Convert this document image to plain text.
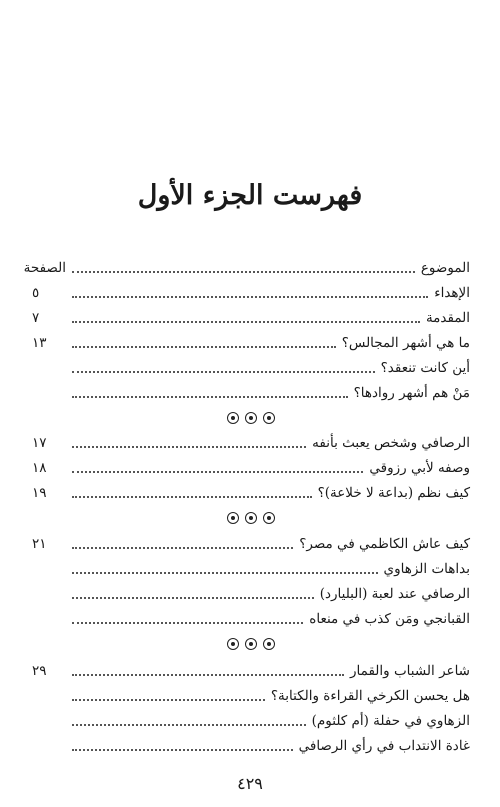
فهرست الجزء الأول
الموضوع
الصفحة
الإهداء
٥
المقدمة
٧
ما هي أشهر المجالس؟
١٣
أين كانت تنعقد؟
مَنْ هم أشهر روادها؟
الرصافي وشخص يعبث بأنفه
١٧
وصفه لأبي رزوقي
١٨
كيف نظم (بداعة لا خلاعة)؟
١٩
كيف عاش الكاظمي في مصر؟
٢١
بداهات الزهاوي
الرصافي عند لعبة (البليارد)
القبانجي ومَن كذب في منعاه
شاعر الشباب والقمار
٢٩
هل يحسن الكرخي القراءة والكتابة؟
الزهاوي في حفلة (أم كلثوم)
غادة الانتداب في رأي الرصافي
٤٢٩
